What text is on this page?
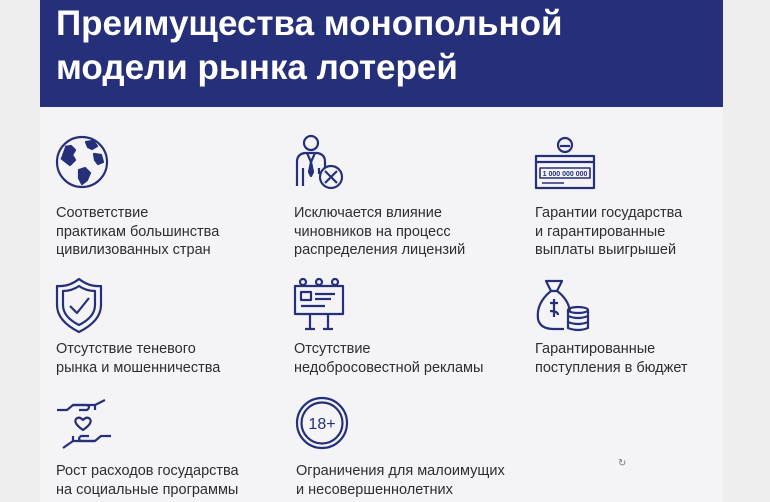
Преимущества монопольной
модели рынка лотерей
Соответствие
практикам большинства
цивилизованных стран
Исключается влияние
чиновников на процесс
распределения лицензий
1 000 000 000
Гарантии государства
и гарантированные
выплаты выигрышей
Отсутствие теневого
рынка и мошенничества
Отсутствие
недобросовестной рекламы
Гарантированные
поступления в бюджет
Рост расходов государства
на социальные программы
18+
Ограничения для малоимущих
и несовершеннолетних
↻
